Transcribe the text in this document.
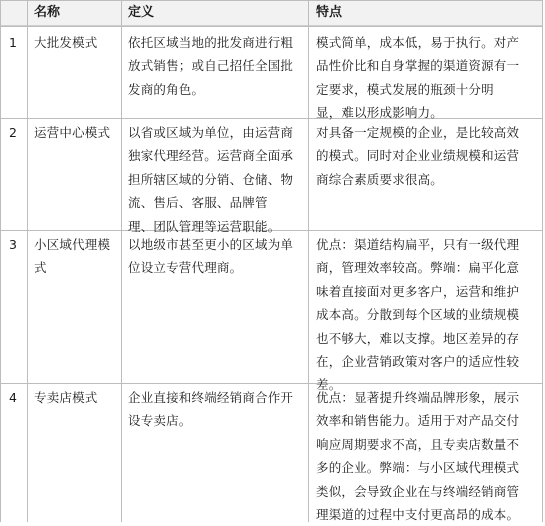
名称	定义	特点
1 大批发模式 依托区域当地的批发商进行粗
放式销售；或自己招任全国批
发商的角色。
模式简单，成本低，易于执行。对产
品性价比和自身掌握的渠道资源有一
定要求，模式发展的瓶颈十分明
显，难以形成影响力。
2 运营中心模式 以省或区域为单位，由运营商
独家代理经营。运营商全面承
担所辖区域的分销、仓储、物
流、售后、客服、品牌管
理、团队管理等运营职能。
对具备一定规模的企业，是比较高效
的模式。同时对企业业绩规模和运营
商综合素质要求很高。
3 小区域代理模
式
以地级市甚至更小的区域为单
位设立专营代理商。
优点：渠道结构扁平，只有一级代理
商，管理效率较高。弊端：扁平化意
味着直接面对更多客户，运营和维护
成本高。分散到每个区域的业绩规模
也不够大，难以支撑。地区差异的存
在，企业营销政策对客户的适应性较
差。
4 专卖店模式 企业直接和终端经销商合作开
设专卖店。
优点：显著提升终端品牌形象，展示
效率和销售能力。适用于对产品交付
响应周期要求不高，且专卖店数量不
多的企业。弊端：与小区域代理模式
类似，会导致企业在与终端经销商管
理渠道的过程中支付更高昂的成本。
